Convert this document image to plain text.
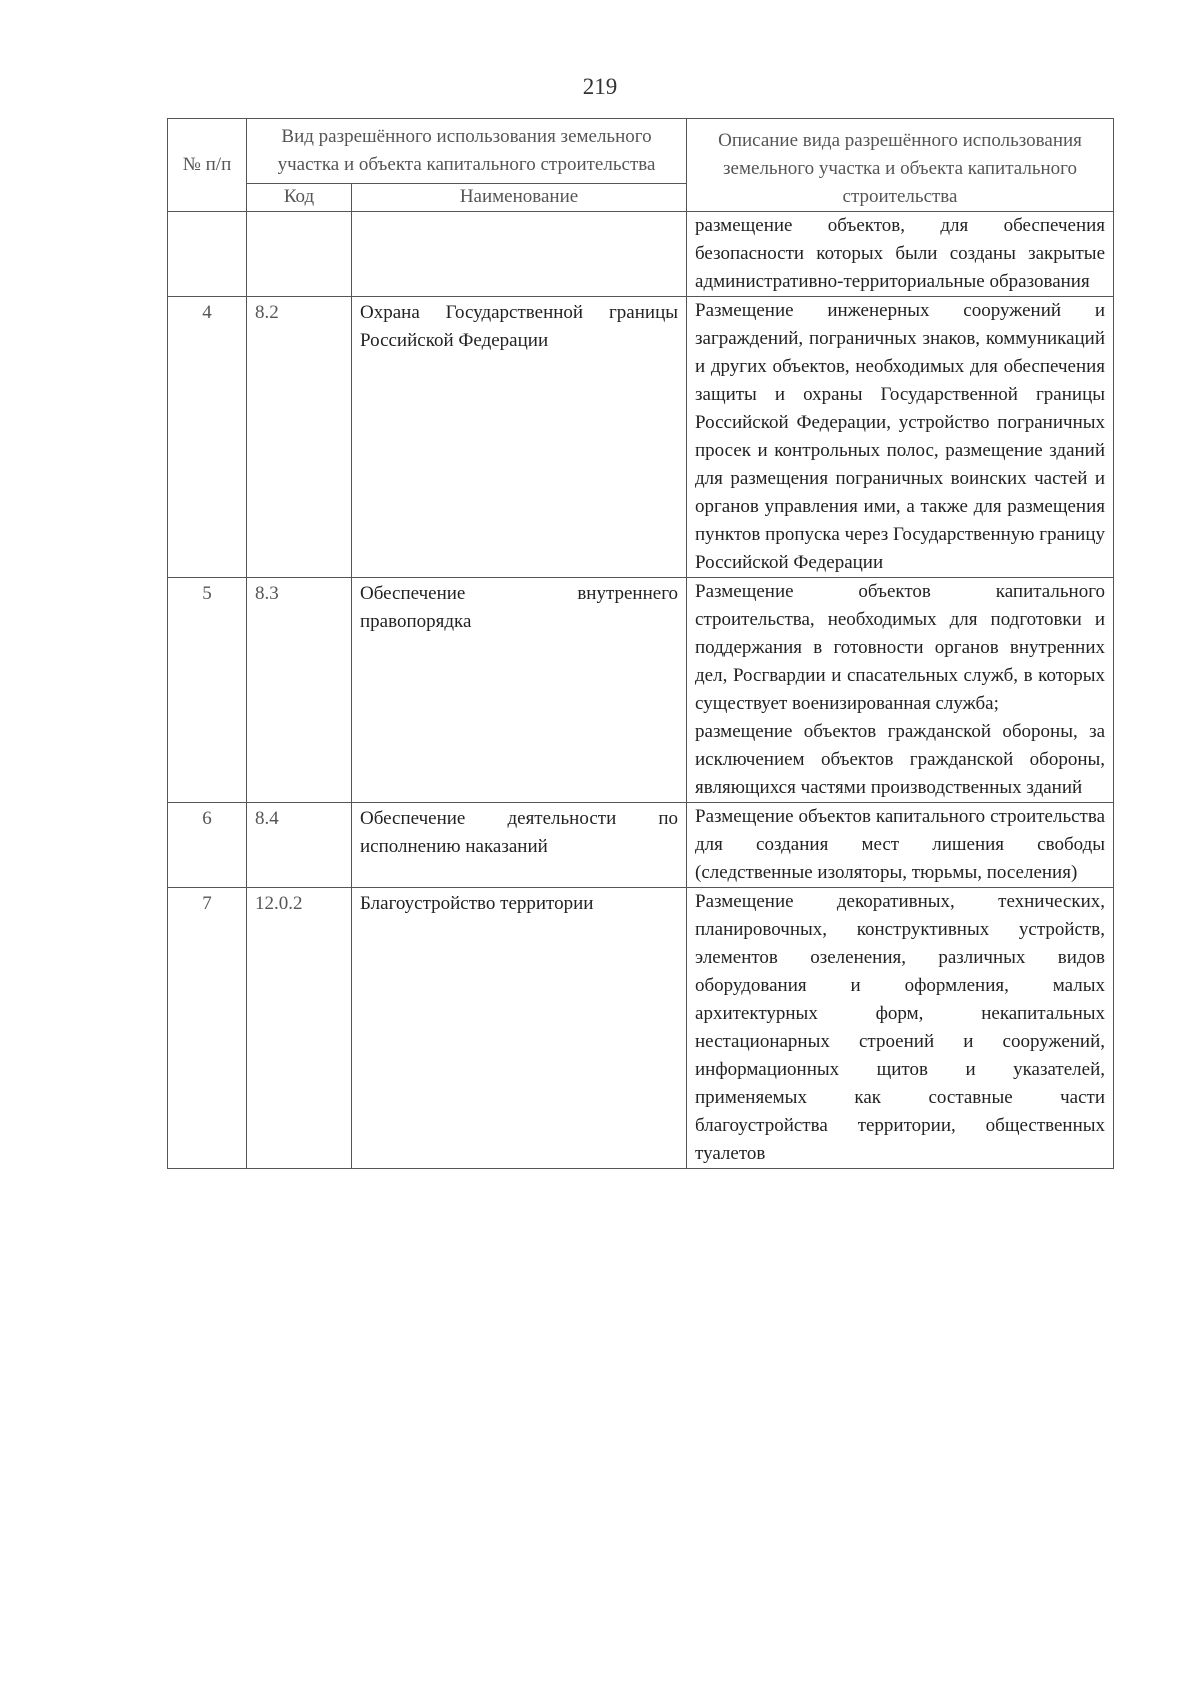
219
№ п/п	Вид разрешённого использования земельного участка и объекта капитального строительства		Описание вида разрешённого использования земельного участка и объекта капитального строительства
	Код	Наименование	

			размещение объектов, для обеспечения безопасности которых были созданы закрытые административно-территориальные образования

4	8.2	Охрана Государственной границы Российской Федерации	Размещение инженерных сооружений и заграждений, пограничных знаков, коммуникаций и других объектов, необходимых для обеспечения защиты и охраны Государственной границы Российской Федерации, устройство пограничных просек и контрольных полос, размещение зданий для размещения пограничных воинских частей и органов управления ими, а также для размещения пунктов пропуска через Государственную границу Российской Федерации

5	8.3	Обеспечение внутреннего правопорядка	Размещение объектов капитального строительства, необходимых для подготовки и поддержания в готовности органов внутренних дел, Росгвардии и спасательных служб, в которых существует военизированная служба;

размещение объектов гражданской обороны, за исключением объектов гражданской обороны, являющихся частями производственных зданий

6	8.4	Обеспечение деятельности по исполнению наказаний	Размещение объектов капитального строительства для создания мест лишения свободы (следственные изоляторы, тюрьмы, поселения)

7	12.0.2	Благоустройство территории	Размещение декоративных, технических, планировочных, конструктивных устройств, элементов озеленения, различных видов оборудования и оформления, малых архитектурных форм, некапитальных нестационарных строений и сооружений, информационных щитов и указателей, применяемых как составные части благоустройства территории, общественных туалетов
